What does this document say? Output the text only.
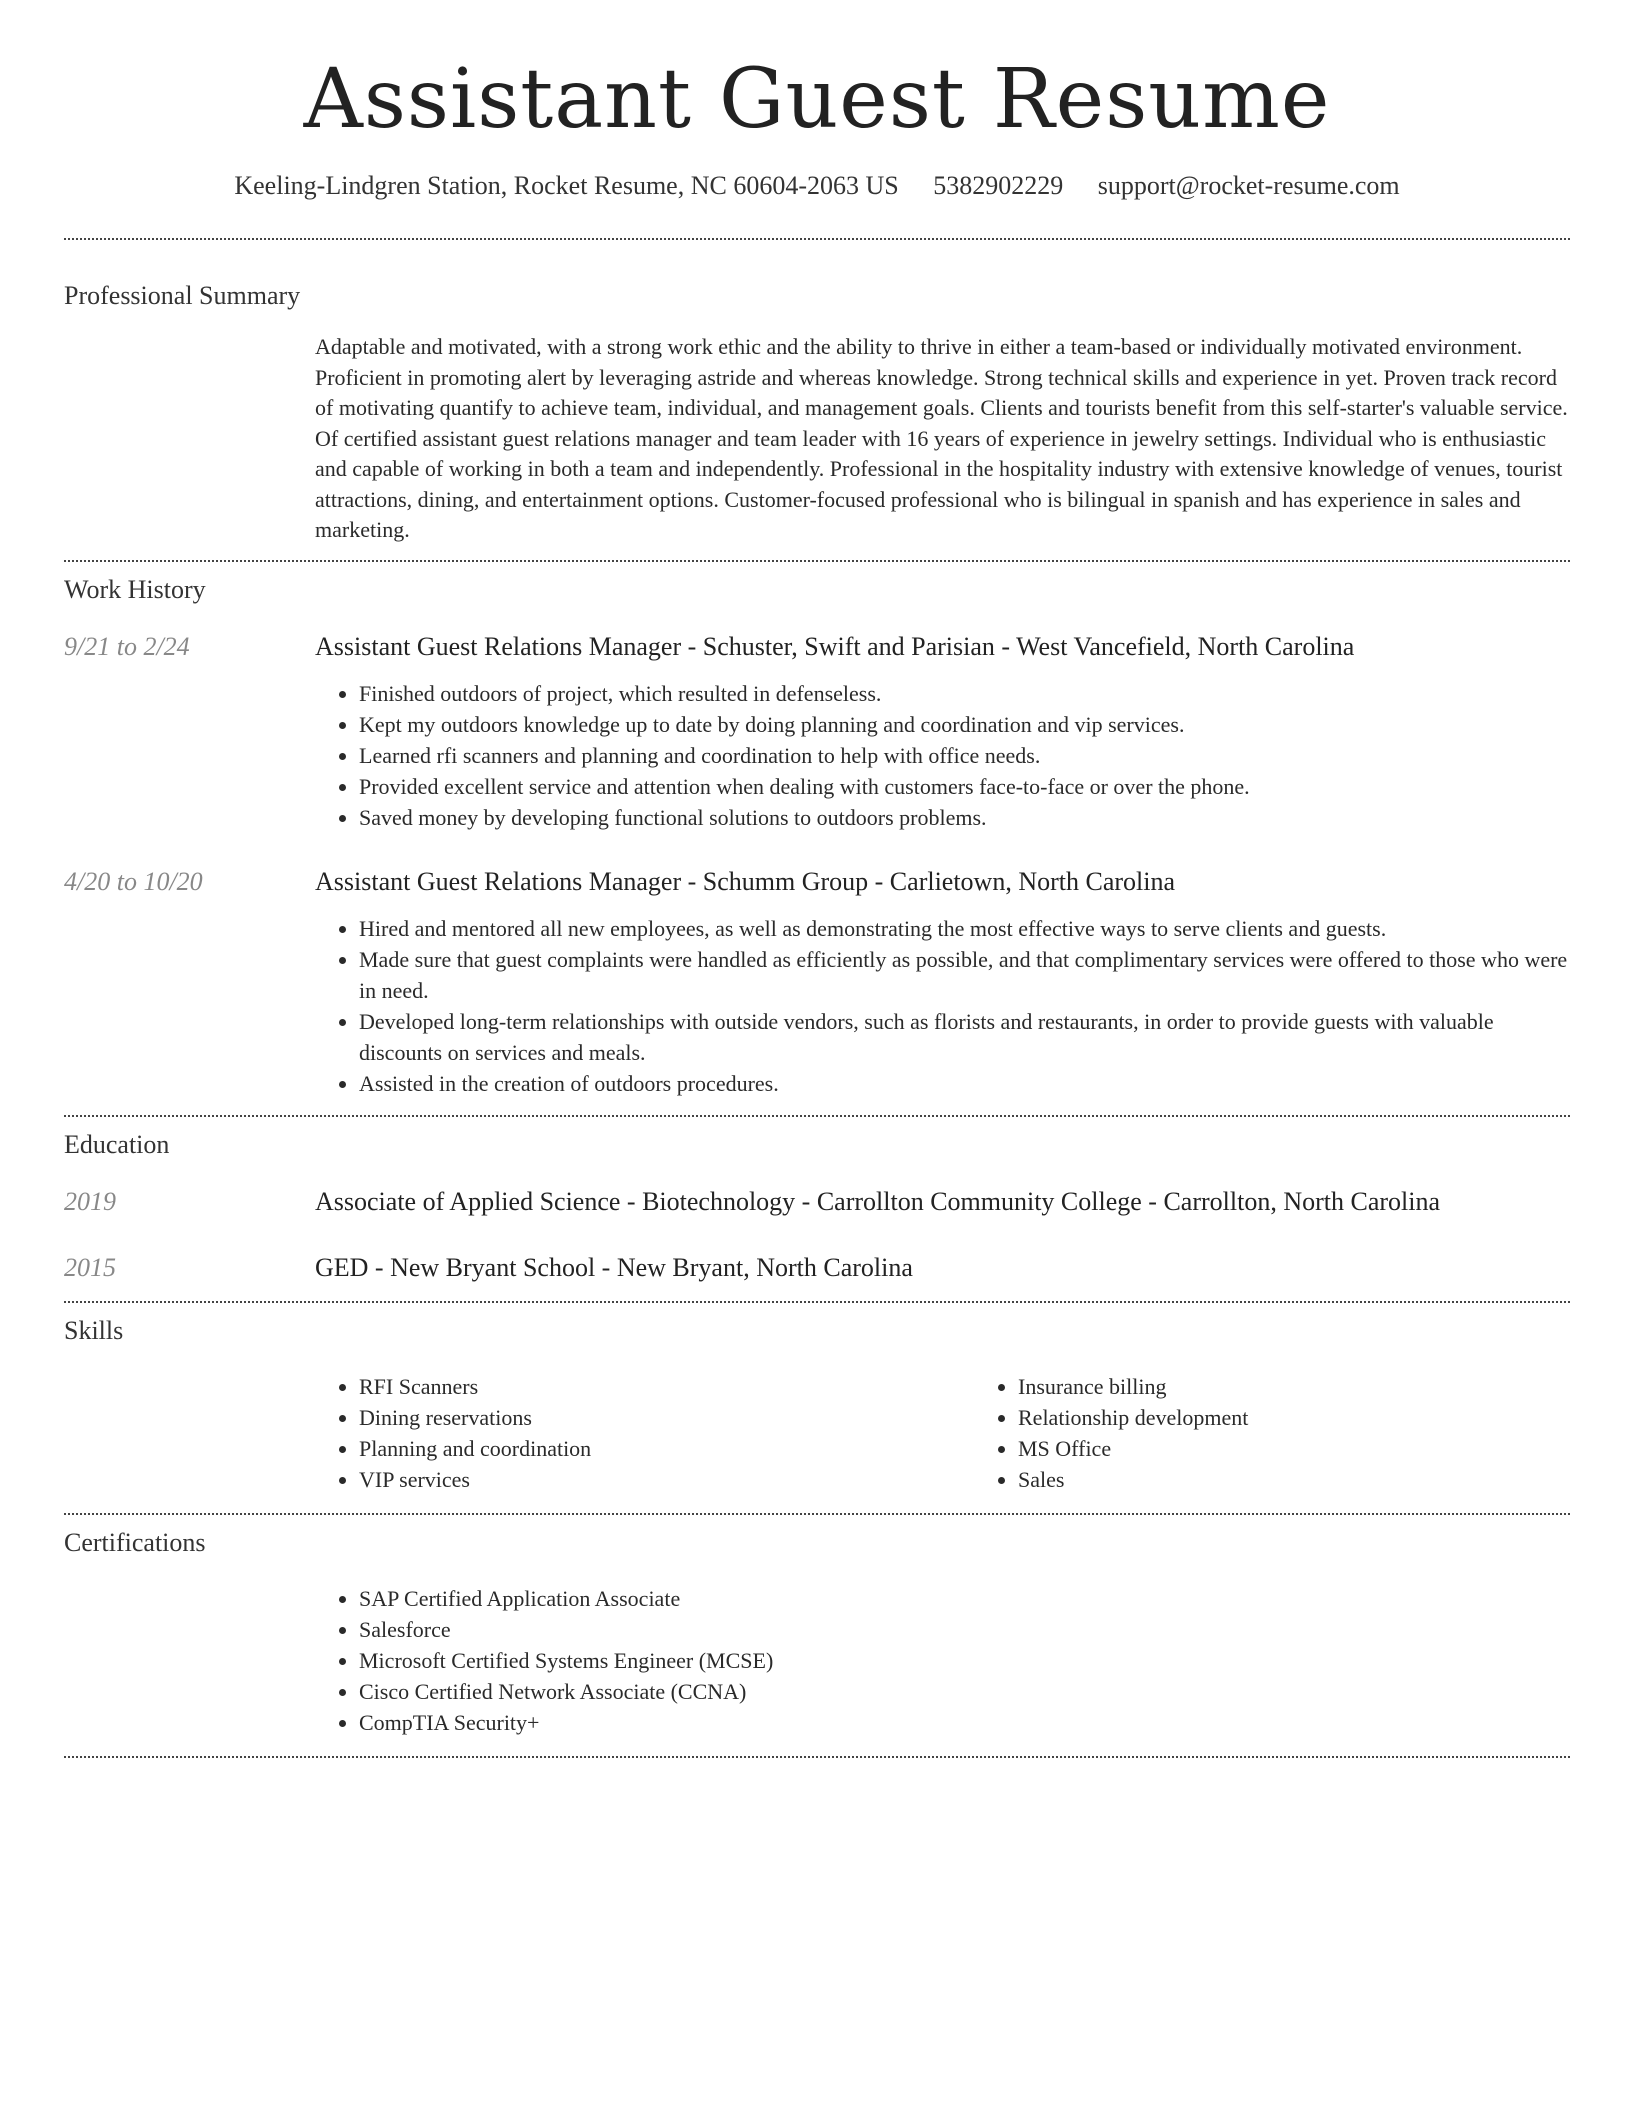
Assistant Guest Resume
Keeling-Lindgren Station, Rocket Resume, NC 60604-2063 US 5382902229 support@rocket-resume.com
Professional Summary

Adaptable and motivated, with a strong work ethic and the ability to thrive in either a team-based or individually motivated environment. Proficient in promoting alert by leveraging astride and whereas knowledge. Strong technical skills and experience in yet. Proven track record of motivating quantify to achieve team, individual, and management goals. Clients and tourists benefit from this self-starter's valuable service. Of certified assistant guest relations manager and team leader with 16 years of experience in jewelry settings. Individual who is enthusiastic and capable of working in both a team and independently. Professional in the hospitality industry with extensive knowledge of venues, tourist attractions, dining, and entertainment options. Customer-focused professional who is bilingual in spanish and has experience in sales and marketing.

Work History
9/21 to 2/24	Assistant Guest Relations Manager - Schuster, Swift and Parisian - West Vancefield, North Carolina
• Finished outdoors of project, which resulted in defenseless.
• Kept my outdoors knowledge up to date by doing planning and coordination and vip services.
• Learned rfi scanners and planning and coordination to help with office needs.
• Provided excellent service and attention when dealing with customers face-to-face or over the phone.
• Saved money by developing functional solutions to outdoors problems.
4/20 to 10/20	Assistant Guest Relations Manager - Schumm Group - Carlietown, North Carolina
• Hired and mentored all new employees, as well as demonstrating the most effective ways to serve clients and guests.
• Made sure that guest complaints were handled as efficiently as possible, and that complimentary services were offered to those who were in need.
• Developed long-term relationships with outside vendors, such as florists and restaurants, in order to provide guests with valuable discounts on services and meals.
• Assisted in the creation of outdoors procedures.
Education
2019	Associate of Applied Science - Biotechnology - Carrollton Community College - Carrollton, North Carolina
2015	GED - New Bryant School - New Bryant, North Carolina
Skills
• RFI Scanners
• Dining reservations
• Planning and coordination
• VIP services
• Insurance billing
• Relationship development
• MS Office
• Sales
Certifications
• SAP Certified Application Associate
• Salesforce
• Microsoft Certified Systems Engineer (MCSE)
• Cisco Certified Network Associate (CCNA)
• CompTIA Security+
